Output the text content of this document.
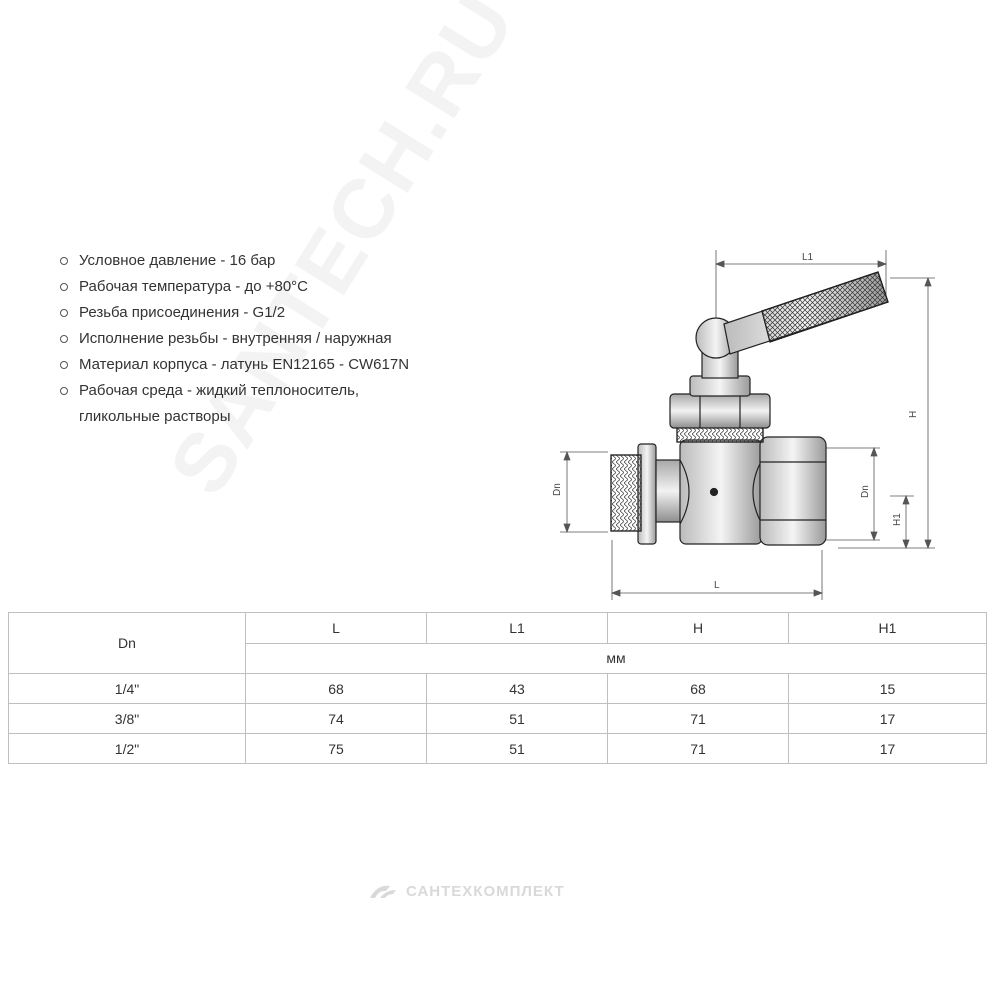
Условное давление - 16 бар
Рабочая температура - до +80°C
Резьба присоединения - G1/2
Исполнение резьбы - внутренняя / наружная
Материал корпуса - латунь EN12165 - CW617N
Рабочая среда - жидкий теплоноситель,
гликольные растворы
L1
H
Dn	Dn
H1
L
САНТЕХКОМПЛЕКТ
Dn	L	L1	H	H1
	мм			
1/4"	68	43	68	15
3/8"	74	51	71	17
1/2"	75	51	71	17
